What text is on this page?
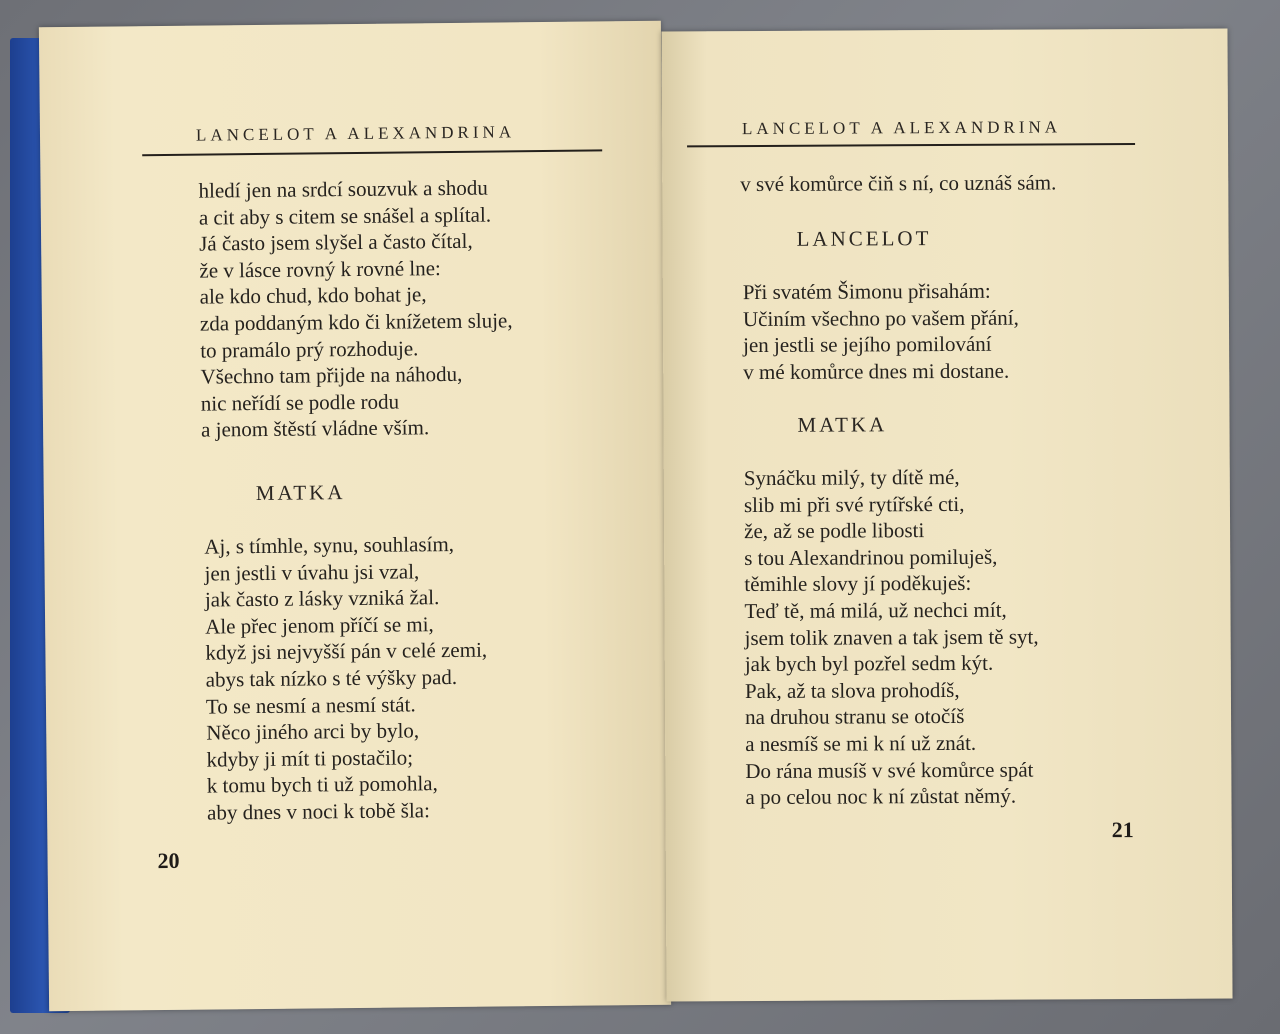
LANCELOT A ALEXANDRINA
hledí jen na srdcí souzvuk a shodu
a cit aby s citem se snášel a splítal.
Já často jsem slyšel a často čítal,
že v lásce rovný k rovné lne:
ale kdo chud, kdo bohat je,
zda poddaným kdo či knížetem sluje,
to pramálo prý rozhoduje.
Všechno tam přijde na náhodu,
nic neřídí se podle rodu
a jenom štěstí vládne vším.
MATKA
Aj, s tímhle, synu, souhlasím,
jen jestli v úvahu jsi vzal,
jak často z lásky vzniká žal.
Ale přec jenom příčí se mi,
když jsi nejvyšší pán v celé zemi,
abys tak nízko s té výšky pad.
To se nesmí a nesmí stát.
Něco jiného arci by bylo,
kdyby ji mít ti postačilo;
k tomu bych ti už pomohla,
aby dnes v noci k tobě šla:
20
LANCELOT A ALEXANDRINA
v své komůrce čiň s ní, co uznáš sám.
LANCELOT
Při svatém Šimonu přisahám:
Učiním všechno po vašem přání,
jen jestli se jejího pomilování
v mé komůrce dnes mi dostane.
MATKA
Synáčku milý, ty dítě mé,
slib mi při své rytířské cti,
že, až se podle libosti
s tou Alexandrinou pomiluješ,
těmihle slovy jí poděkuješ:
Teď tě, má milá, už nechci mít,
jsem tolik znaven a tak jsem tě syt,
jak bych byl pozřel sedm kýt.
Pak, až ta slova prohodíš,
na druhou stranu se otočíš
a nesmíš se mi k ní už znát.
Do rána musíš v své komůrce spát
a po celou noc k ní zůstat němý.
21
